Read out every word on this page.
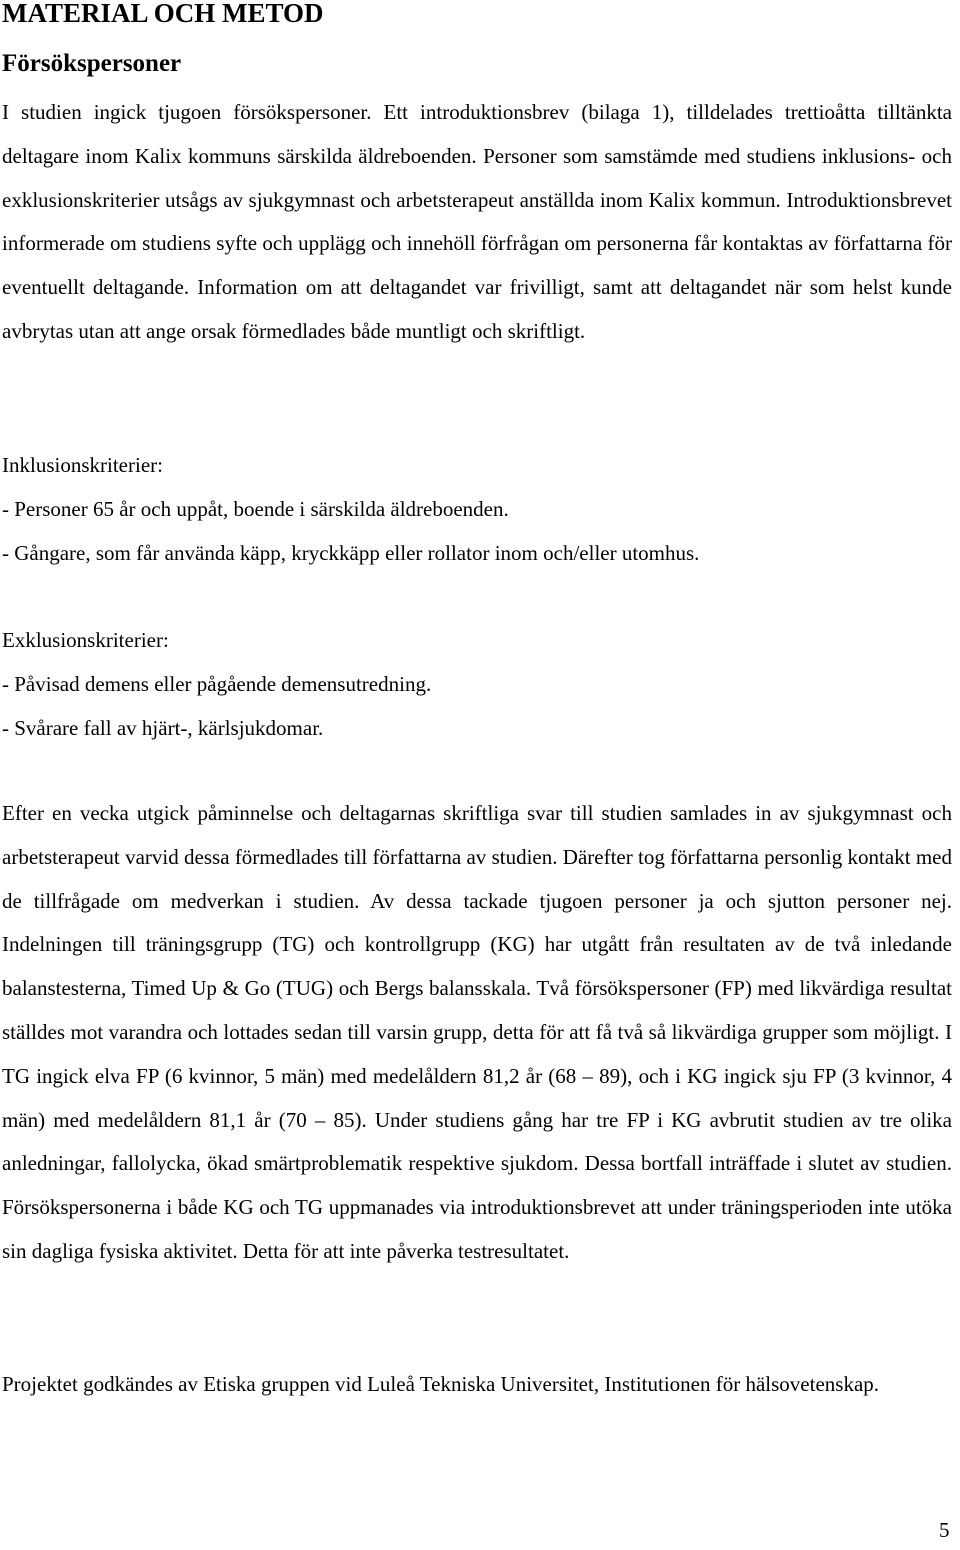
MATERIAL OCH METOD
Försökspersoner

I studien ingick tjugoen försökspersoner. Ett introduktionsbrev (bilaga 1), tilldelades trettioåtta tilltänkta deltagare inom Kalix kommuns särskilda äldreboenden. Personer som samstämde med studiens inklusions- och exklusionskriterier utsågs av sjukgymnast och arbetsterapeut anställda inom Kalix kommun. Introduktionsbrevet informerade om studiens syfte och upplägg och innehöll förfrågan om personerna får kontaktas av författarna för eventuellt deltagande. Information om att deltagandet var frivilligt, samt att deltagandet när som helst kunde avbrytas utan att ange orsak förmedlades både muntligt och skriftligt.

Inklusionskriterier:

- Personer 65 år och uppåt, boende i särskilda äldreboenden.
- Gångare, som får använda käpp, kryckkäpp eller rollator inom och/eller utomhus.

Exklusionskriterier:

- Påvisad demens eller pågående demensutredning.
- Svårare fall av hjärt-, kärlsjukdomar.

Efter en vecka utgick påminnelse och deltagarnas skriftliga svar till studien samlades in av sjukgymnast och arbetsterapeut varvid dessa förmedlades till författarna av studien. Därefter tog författarna personlig kontakt med de tillfrågade om medverkan i studien. Av dessa tackade tjugoen personer ja och sjutton personer nej. Indelningen till träningsgrupp (TG) och kontrollgrupp (KG) har utgått från resultaten av de två inledande balanstesterna, Timed Up & Go (TUG) och Bergs balansskala. Två försökspersoner (FP) med likvärdiga resultat ställdes mot varandra och lottades sedan till varsin grupp, detta för att få två så likvärdiga grupper som möjligt. I TG ingick elva FP (6 kvinnor, 5 män) med medelåldern 81,2 år (68 – 89), och i KG ingick sju FP (3 kvinnor, 4 män) med medelåldern 81,1 år (70 – 85). Under studiens gång har tre FP i KG avbrutit studien av tre olika anledningar, fallolycka, ökad smärtproblematik respektive sjukdom. Dessa bortfall inträffade i slutet av studien. Försökspersonerna i både KG och TG uppmanades via introduktionsbrevet att under träningsperioden inte utöka sin dagliga fysiska aktivitet. Detta för att inte påverka testresultatet.

Projektet godkändes av Etiska gruppen vid Luleå Tekniska Universitet, Institutionen för hälsovetenskap.

5
